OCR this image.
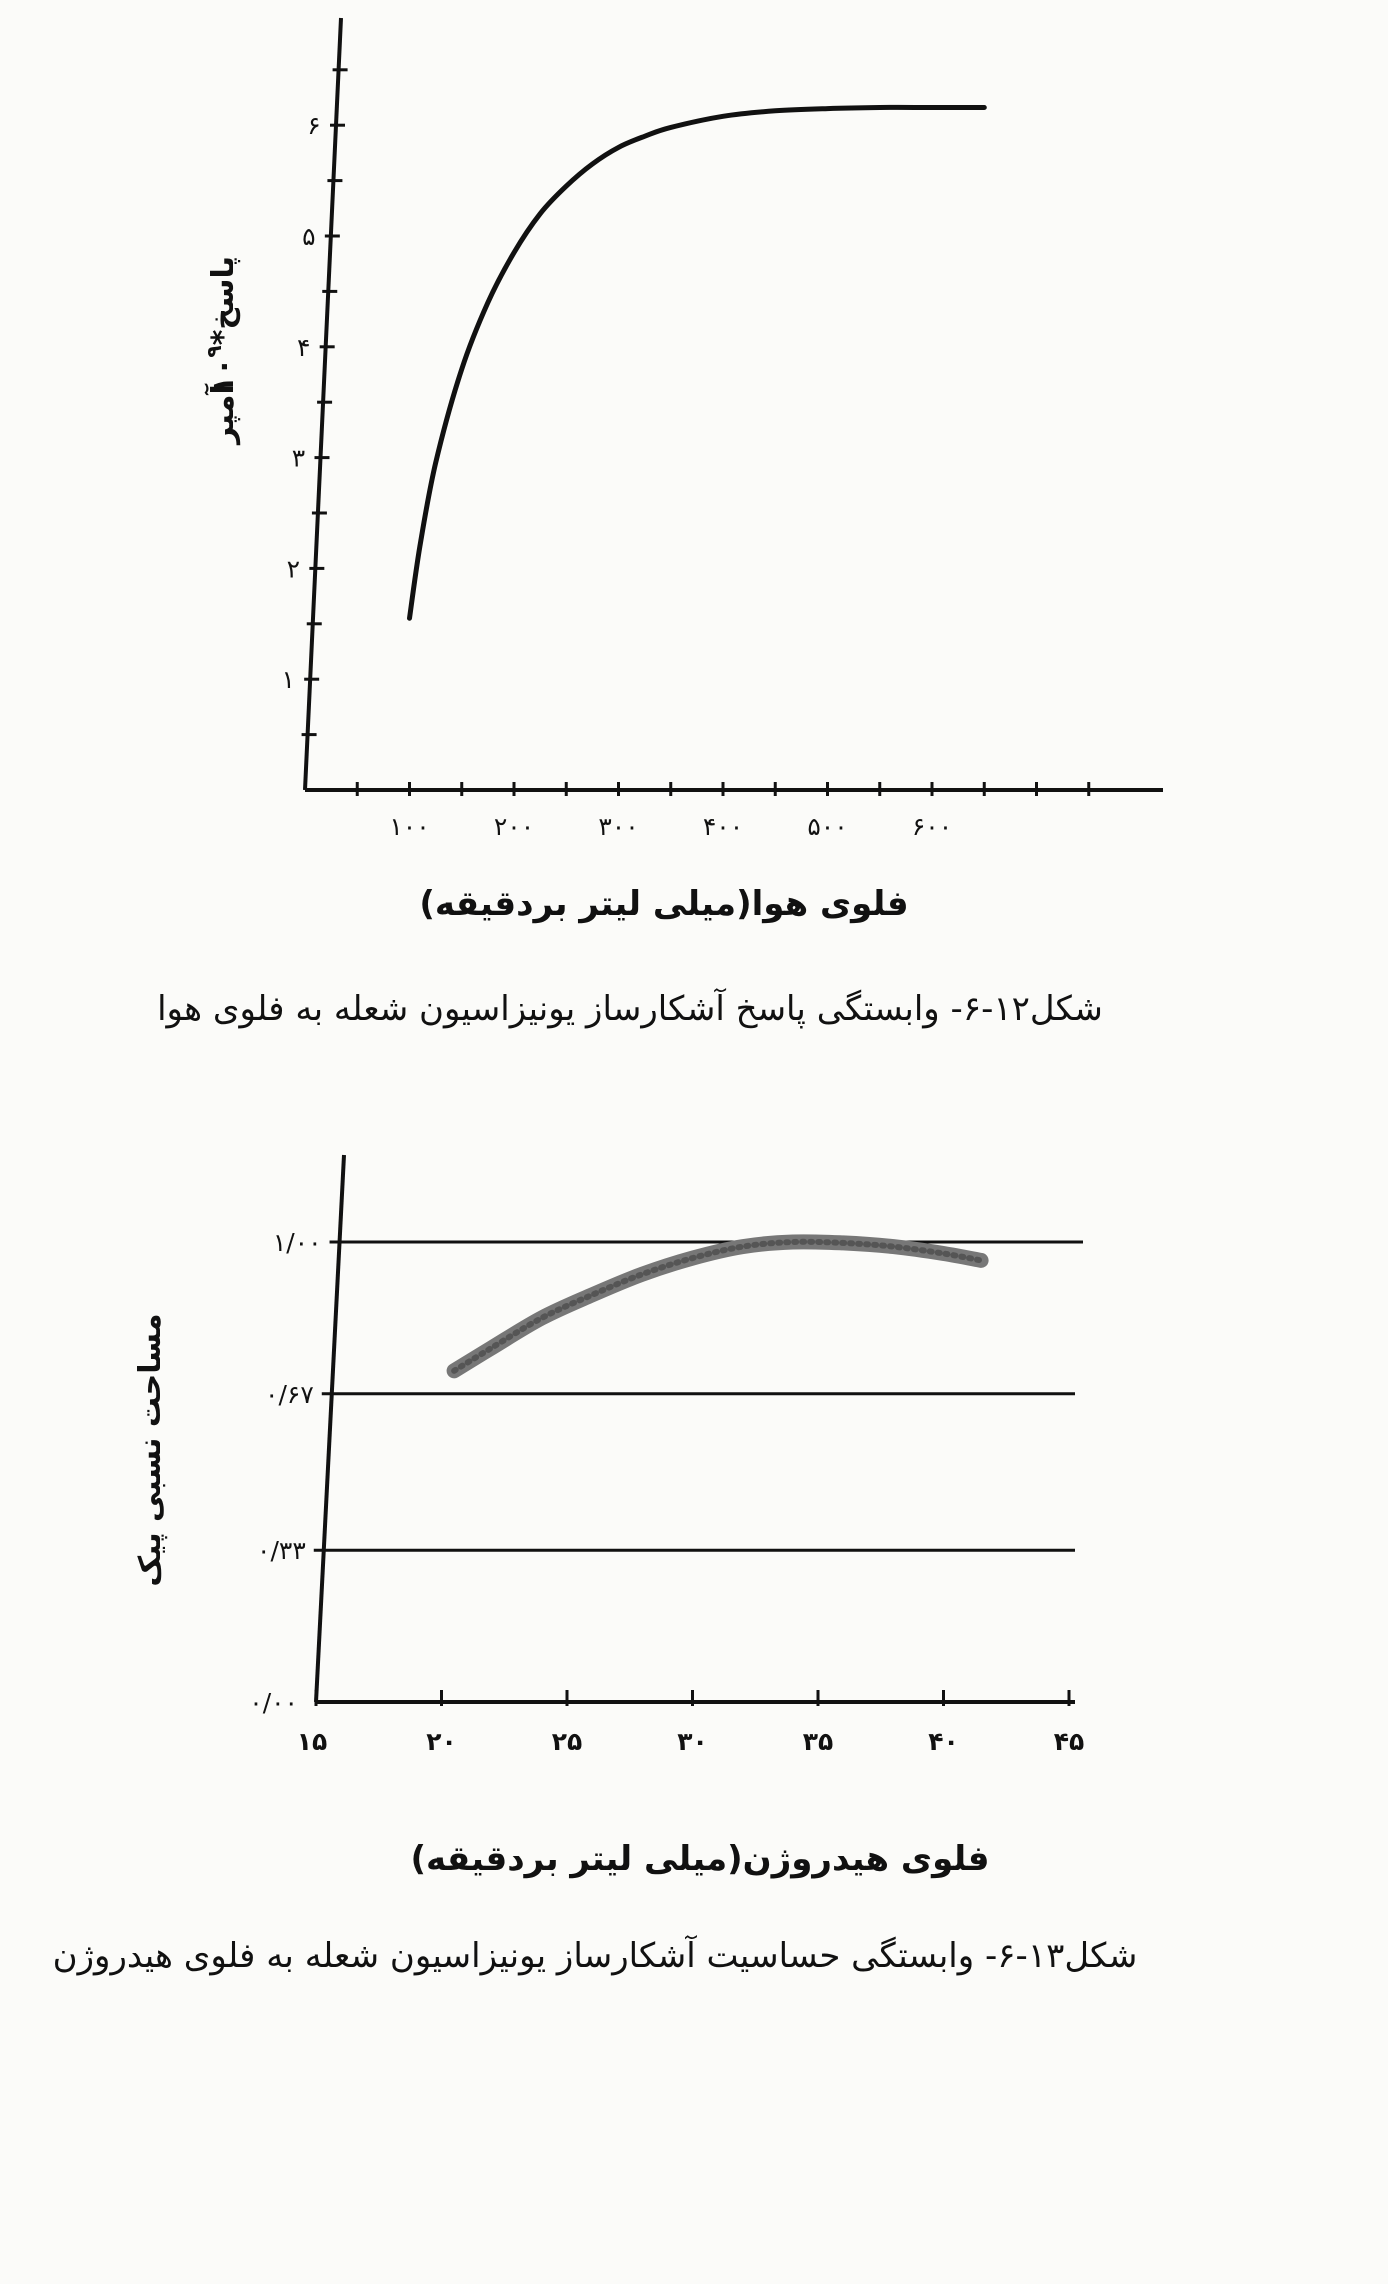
۱۰۰	۲۰۰	۳۰۰	۴۰۰	۵۰۰	۶۰۰
۱
۲
۳
۴
۵
۶
$پاسخ*۱۰^۹آمپر$
فلوی هوا(میلی لیتر بردقیقه)
شکل۱۲-۶- وابستگی پاسخ آشکارساز یونیزاسیون شعله به فلوی هوا
۱۵	۲۰	۲۵	۳۰	۳۵	۴۰	۴۵
۰/۰۰
۰/۳۳
۰/۶۷
۱/۰۰
مساحت نسبی پیک
فلوی هیدروژن(میلی لیتر بردقیقه)
شکل۱۳-۶- وابستگی حساسیت آشکارساز یونیزاسیون شعله به فلوی هیدروژن
